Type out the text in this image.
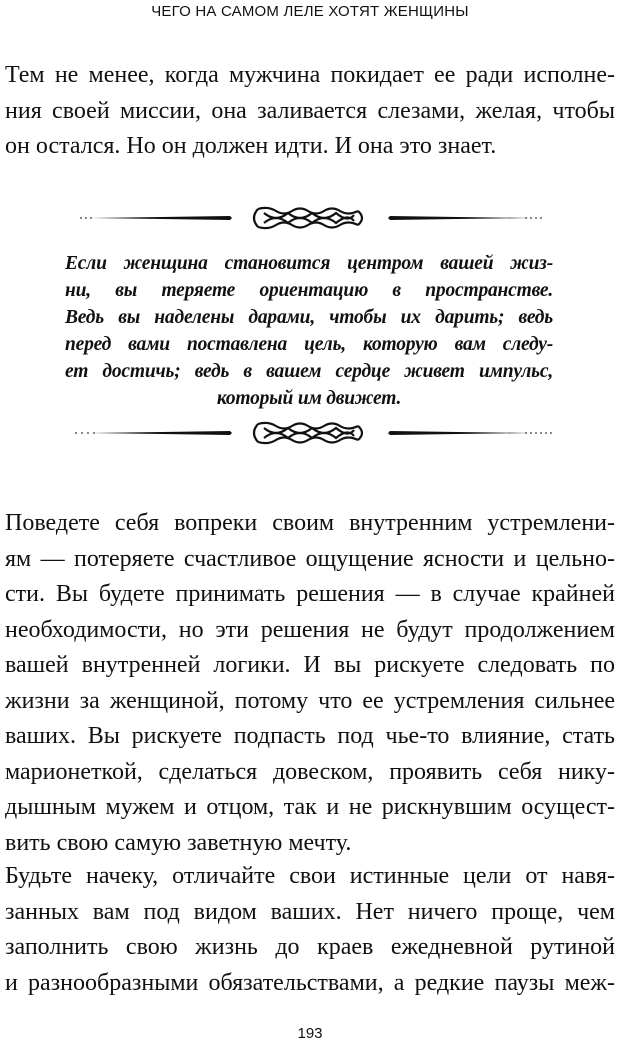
ЧЕГО НА САМОМ ЛЕЛЕ ХОТЯТ ЖЕНЩИНЫ

Тем не менее, когда мужчина покидает ее ради исполне-
ния своей миссии, она заливается слезами, желая, чтобы
он остался. Но он должен идти. И она это знает.

Если женщина становится центром вашей жиз-
ни, вы теряете ориентацию в пространстве.
Ведь вы наделены дарами, чтобы их дарить; ведь
перед вами поставлена цель, которую вам следу-
ет достичь; ведь в вашем сердце живет импульс,
который им движет.

Поведете себя вопреки своим внутренним устремлени-
ям — потеряете счастливое ощущение ясности и цельно-
сти. Вы будете принимать решения — в случае крайней
необходимости, но эти решения не будут продолжением
вашей внутренней логики. И вы рискуете следовать по
жизни за женщиной, потому что ее устремления сильнее
ваших. Вы рискуете подпасть под чье-то влияние, стать
марионеткой, сделаться довеском, проявить себя нику-
дышным мужем и отцом, так и не рискнувшим осущест-
вить свою самую заветную мечту.

Будьте начеку, отличайте свои истинные цели от навя-
занных вам под видом ваших. Нет ничего проще, чем
заполнить свою жизнь до краев ежедневной рутиной
и разнообразными обязательствами, а редкие паузы меж-

193
